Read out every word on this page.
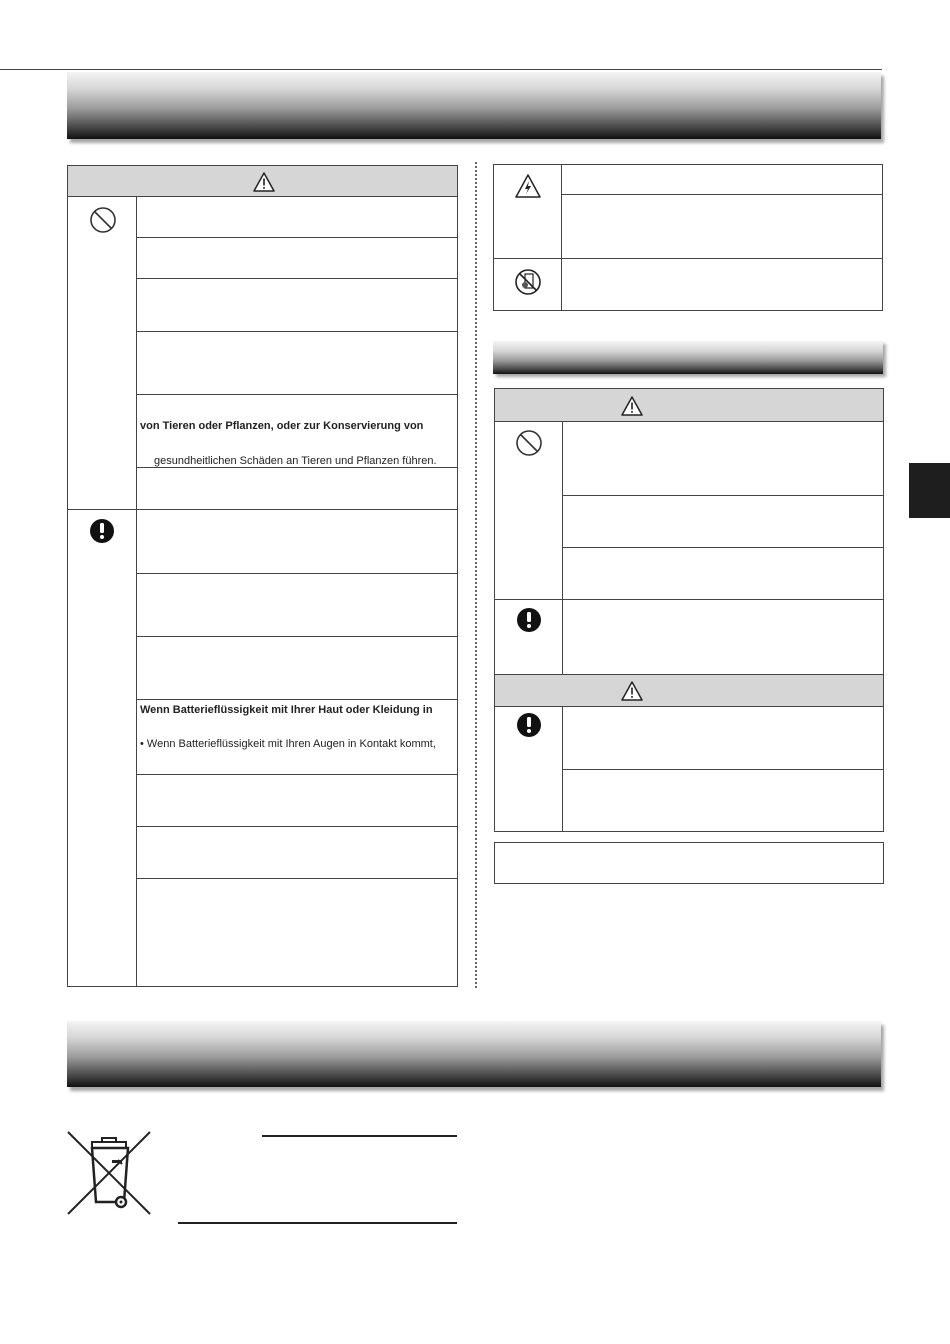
von Tieren oder Pflanzen, oder zur Konservierung von
gesundheitlichen Schäden an Tieren und Pflanzen führen.
Wenn Batterieflüssigkeit mit Ihrer Haut oder Kleidung in
• Wenn Batterieflüssigkeit mit Ihren Augen in Kontakt kommt,
